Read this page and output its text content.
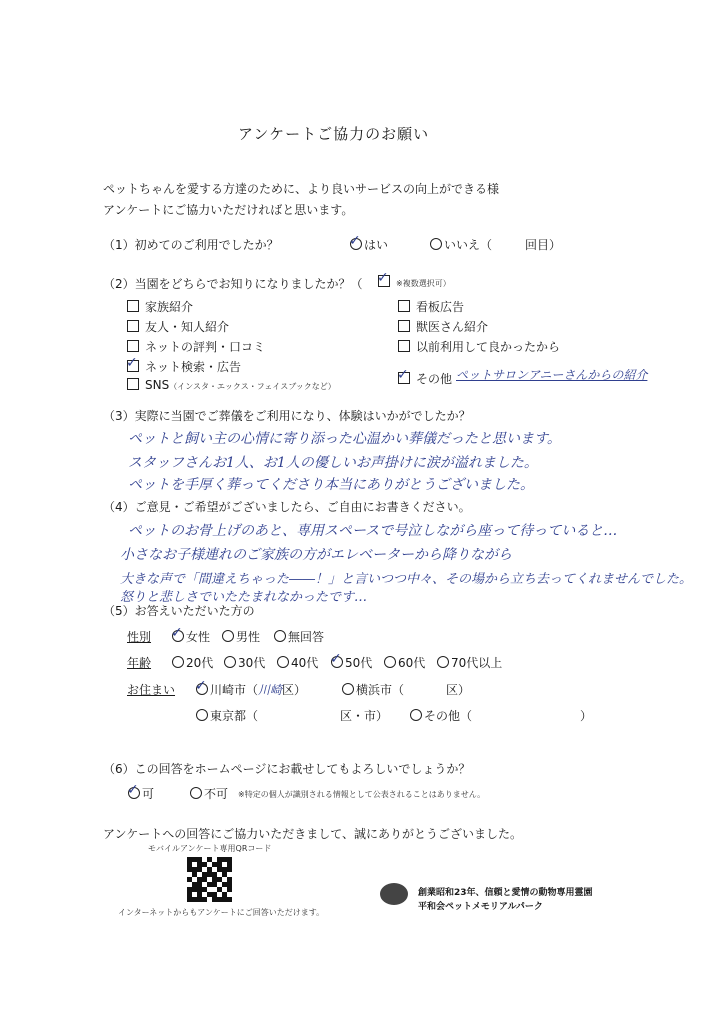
アンケートご協力のお願い
ペットちゃんを愛する方達のために、より良いサービスの向上ができる様
アンケートにご協力いただければと思います。
（1）初めてのご利用でしたか？	✓ はい	いいえ（	回目）
（2）当園をどちらでお知りになりましたか？（ ✓ ※複数選択可）
家族紹介
友人・知人紹介
ネットの評判・口コミ
✓ ネット検索・広告
SNS（インスタ・エックス・フェイスブックなど）
看板広告
獣医さん紹介
以前利用して良かったから
✓ その他 ペットサロンアニーさんからの紹介
（3）実際に当園でご葬儀をご利用になり、体験はいかがでしたか？
ペットと飼い主の心情に寄り添った心温かい葬儀だったと思います。
スタッフさんお1人、お1人の優しいお声掛けに涙が溢れました。
ペットを手厚く葬ってくださり本当にありがとうございました。
（4）ご意見・ご希望がございましたら、ご自由にお書きください。
ペットのお骨上げのあと、専用スペースで号泣しながら座って待っていると…
小さなお子様連れのご家族の方がエレベーターから降りながら
大きな声で「間違えちゃった――！」と言いつつ中々、その場から立ち去ってくれませんでした。
怒りと悲しさでいたたまれなかったです…
（5）お答えいただいた方の
性別 ✓ 女性	男性	無回答
年齢	20代	30代	40代 ✓ 50代	60代	70代以上
お住まい ✓ 川崎市（川崎区）	横浜市（	区）
東京都（	区・市）	その他（	）
（6）この回答をホームページにお載せしてもよろしいでしょうか？
✓ 可	不可 ※特定の個人が識別される情報として公表されることはありません。
アンケートへの回答にご協力いただきまして、誠にありがとうございました。
モバイルアンケート専用QRコード
インターネットからもアンケートにご回答いただけます。
創業昭和23年、信頼と愛情の動物専用霊園
平和会ペットメモリアルパーク
